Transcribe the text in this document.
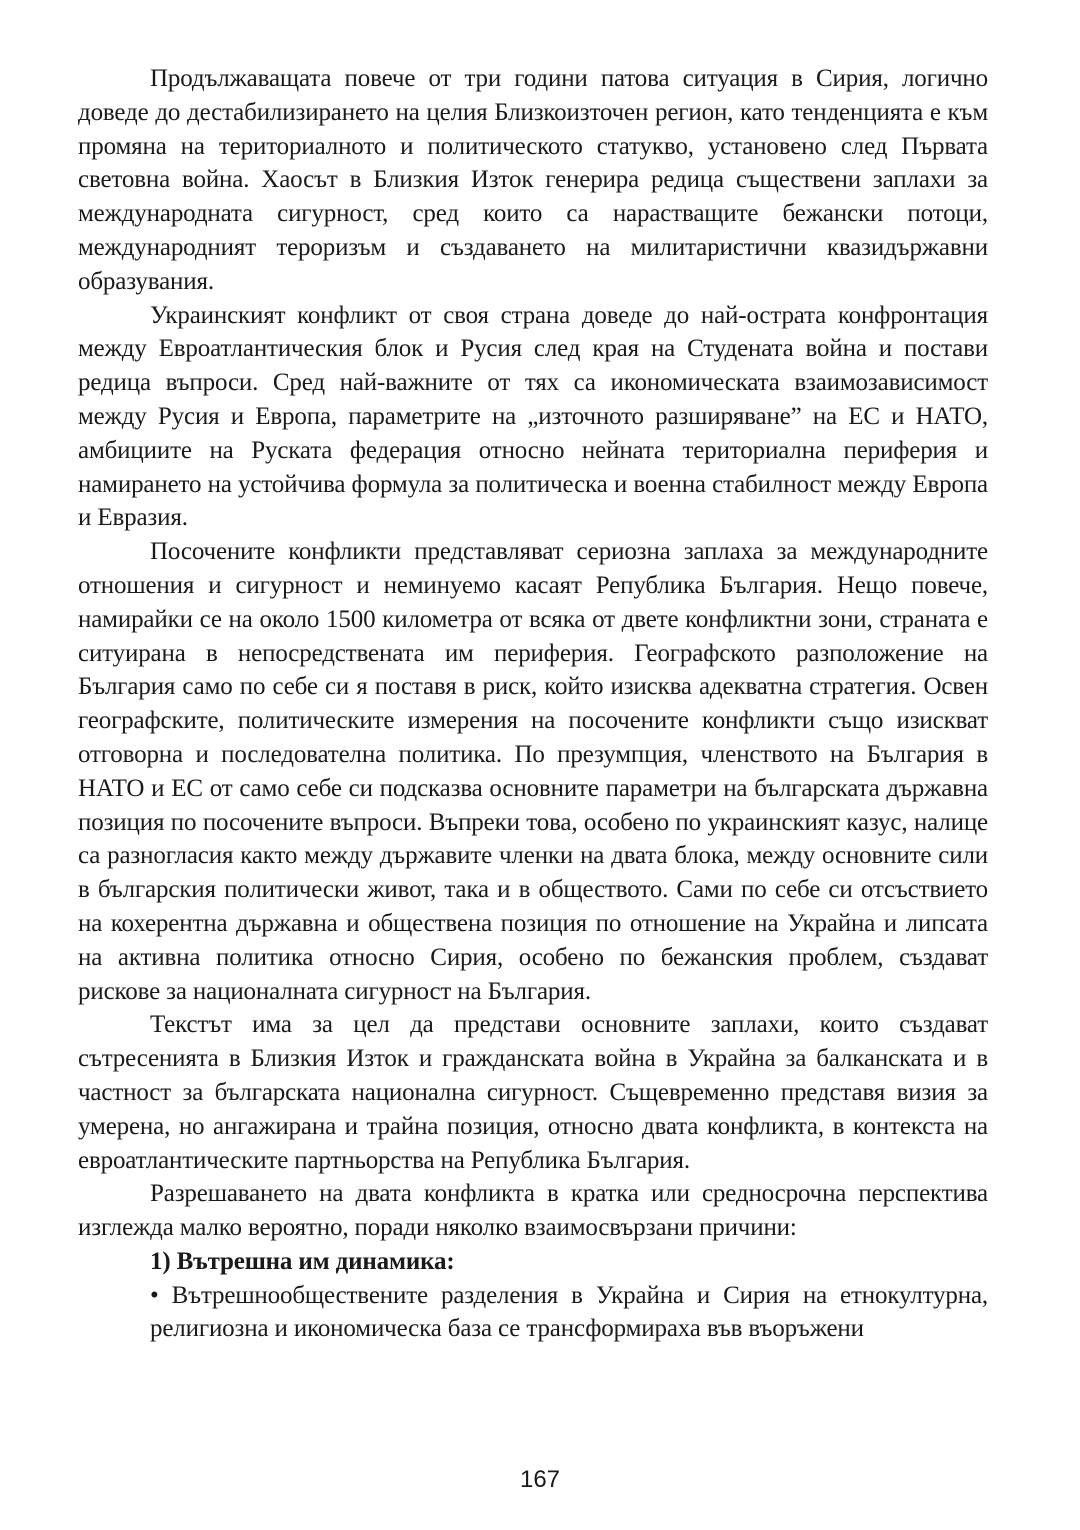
Продължаващата повече от три години патова ситуация в Сирия, логично доведе до дестабилизирането на целия Близкоизточен регион, като тенденцията е към промяна на териториалното и политическото статукво, установено след Първата световна война. Хаосът в Близкия Изток генерира редица съществени заплахи за международната сигурност, сред които са нарастващите бежански потоци, международният тероризъм и създаването на милитаристични квазидържавни образувания.

Украинският конфликт от своя страна доведе до най-острата конфронтация между Евроатлантическия блок и Русия след края на Студената война и постави редица въпроси. Сред най-важните от тях са икономическата взаимозависимост между Русия и Европа, параметрите на „източното разширяване” на ЕС и НАТО, амбициите на Руската федерация относно нейната териториална периферия и намирането на устойчива формула за политическа и военна стабилност между Европа и Евразия.

Посочените конфликти представляват сериозна заплаха за международните отношения и сигурност и неминуемо касаят Република България. Нещо повече, намирайки се на около 1500 километра от всяка от двете конфликтни зони, страната е ситуирана в непосредствената им периферия. Географското разположение на България само по себе си я поставя в риск, който изисква адекватна стратегия. Освен географските, политическите измерения на посочените конфликти също изискват отговорна и последователна политика. По презумпция, членството на България в НАТО и ЕС от само себе си подсказва основните параметри на българската държавна позиция по посочените въпроси. Въпреки това, особено по украинският казус, налице са разногласия както между държавите членки на двата блока, между основните сили в българския политически живот, така и в обществото. Сами по себе си отсъствието на кохерентна държавна и обществена позиция по отношение на Украйна и липсата на активна политика относно Сирия, особено по бежанския проблем, създават рискове за националната сигурност на България.

Текстът има за цел да представи основните заплахи, които създават сътресенията в Близкия Изток и гражданската война в Украйна за балканската и в частност за българската национална сигурност. Същевременно представя визия за умерена, но ангажирана и трайна позиция, относно двата конфликта, в контекста на евроатлантическите партньорства на Република България.

Разрешаването на двата конфликта в кратка или средносрочна перспектива изглежда малко вероятно, поради няколко взаимосвързани причини:

1) Вътрешна им динамика:

• Вътрешнообществените разделения в Украйна и Сирия на етнокултурна, религиозна и икономическа база се трансформираха във въоръжени

167
